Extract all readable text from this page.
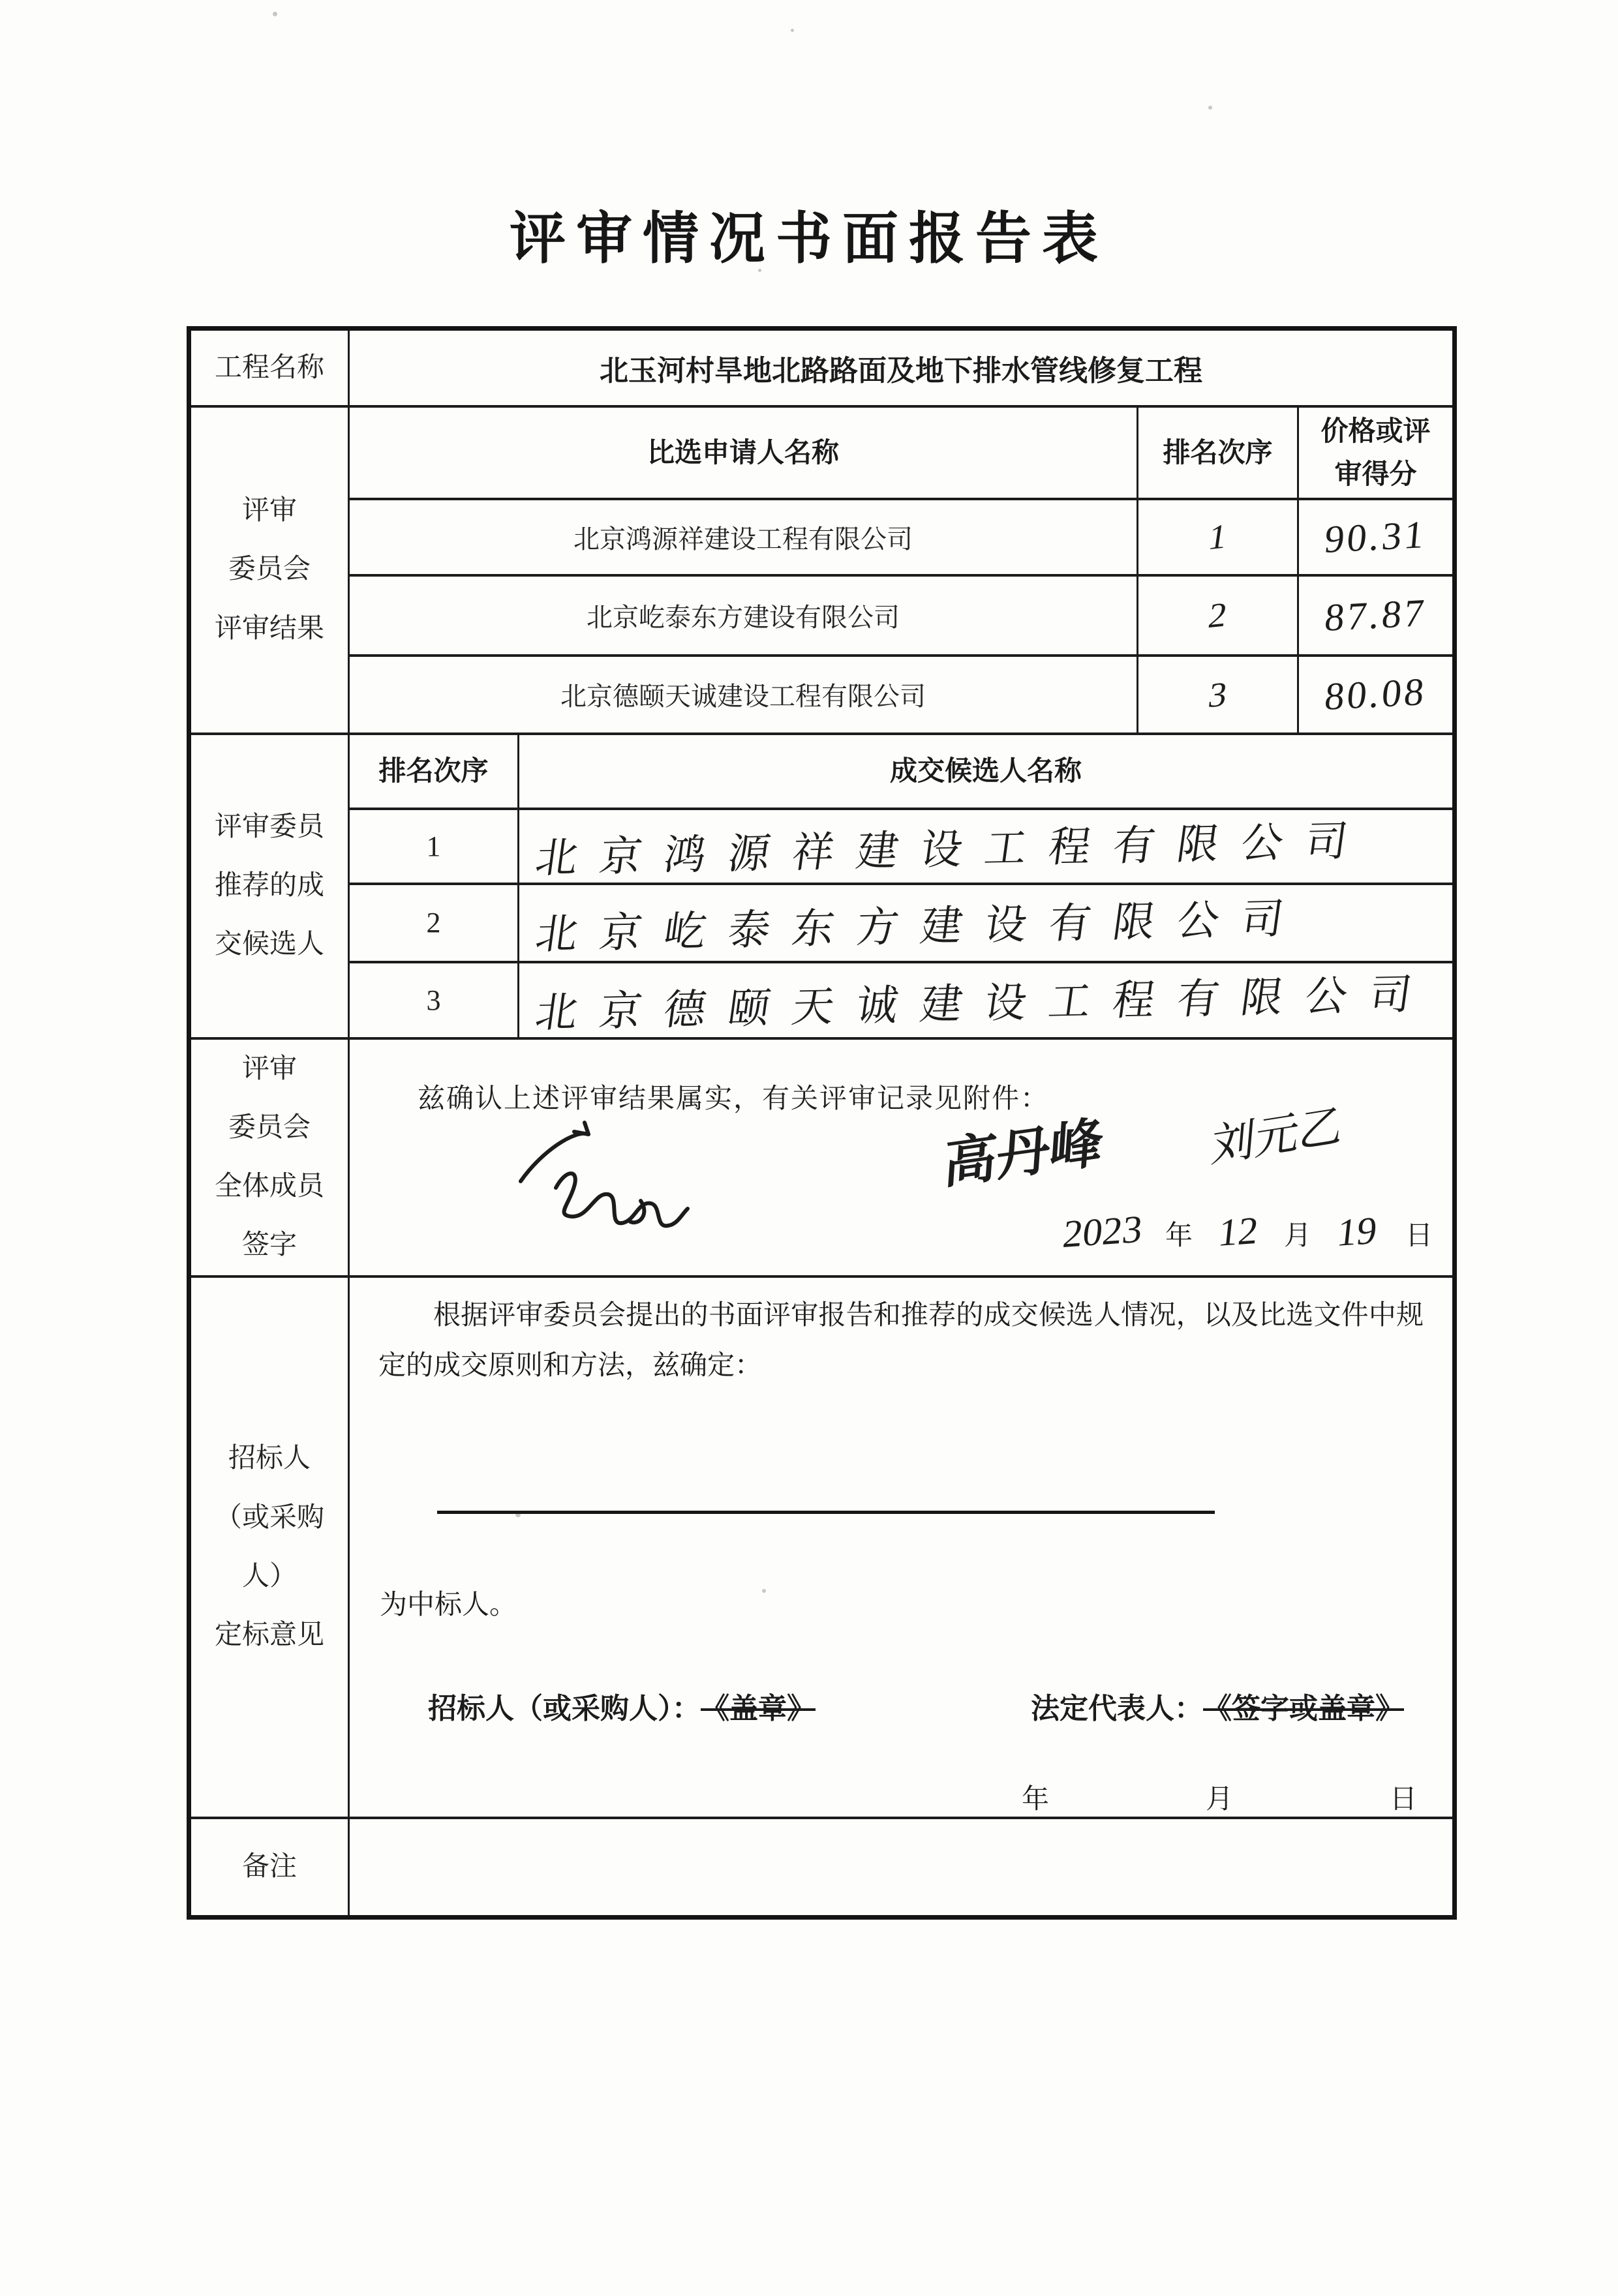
评审情况书面报告表
工程名称	北玉河村旱地北路路面及地下排水管线修复工程			

评审
委员会
评审结果	比选申请人名称		排名次序	价格或评
审得分

	北京鸿源祥建设工程有限公司		1	90.31
	北京屹泰东方建设有限公司		2	87.87
	北京德颐天诚建设工程有限公司		3	80.08

评审委员
推荐的成
交候选人	排名次序	成交候选人名称		
	1	北京鸿源祥建设工程有限公司		
	2	北京屹泰东方建设有限公司		
	3	北京德颐天诚建设工程有限公司		

评审
委员会
全体成员
签字

兹确认上述评审结果属实，有关评审记录见附件：
高丹峰 刘元乙
2023 年 12 月 19 日

招标人
（或采购
人）
定标意见

根据评审委员会提出的书面评审报告和推荐的成交候选人情况，以及比选文件中规定的成交原则和方法，兹确定：

为中标人。
招标人（或采购人）： 《盖章》	法定代表人： 《签字或盖章》
年	月	日

备注				
